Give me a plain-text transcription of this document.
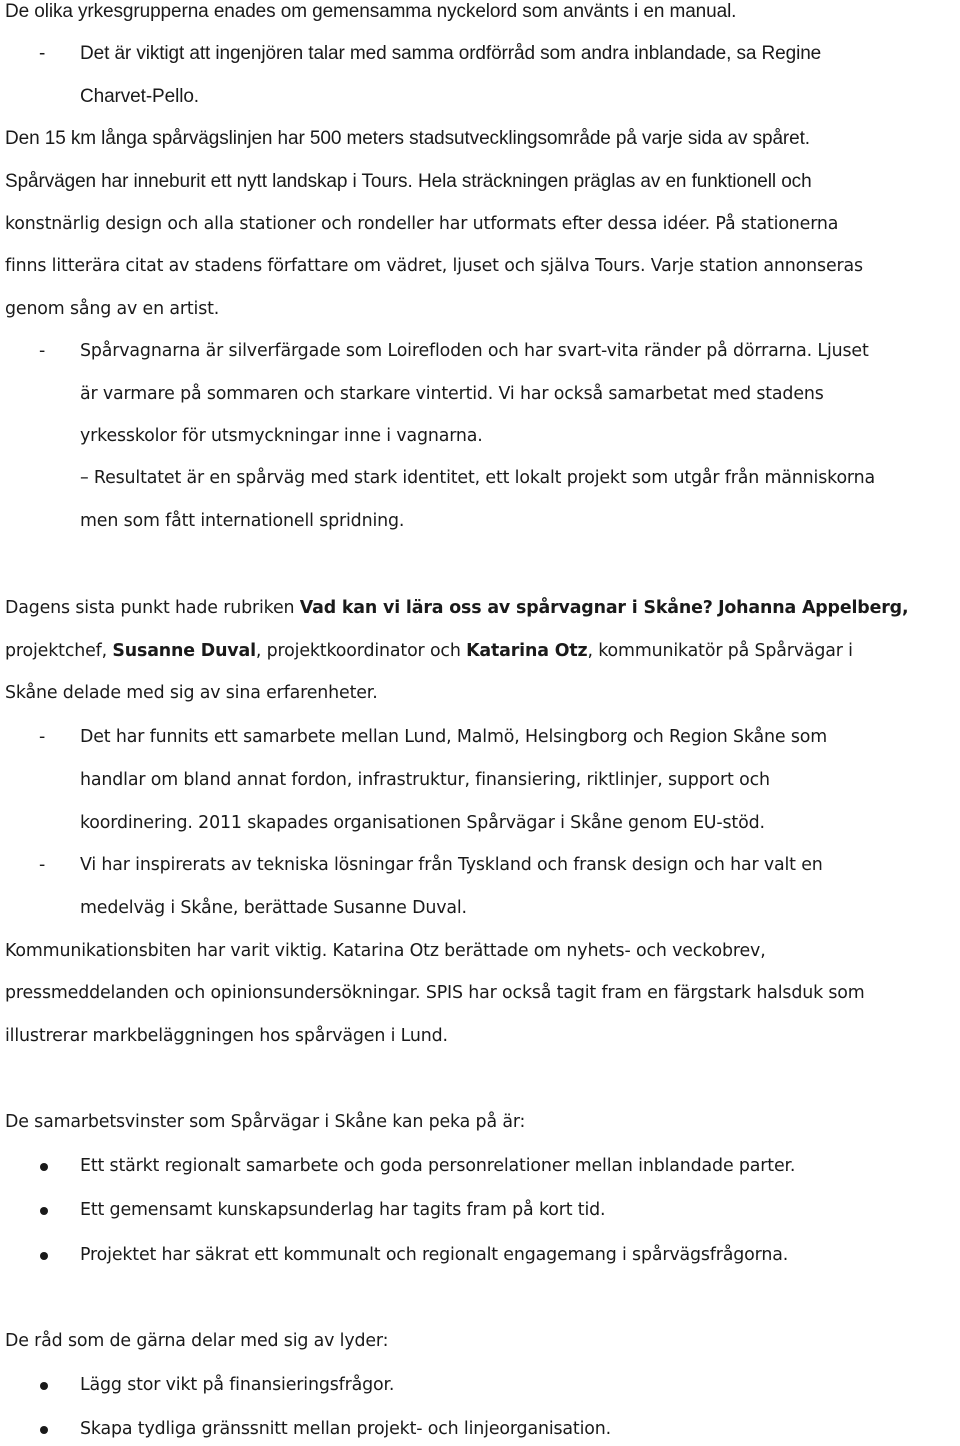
De olika yrkesgrupperna enades om gemensamma nyckelord som använts i en manual.
- Det är viktigt att ingenjören talar med samma ordförråd som andra inblandade, sa Regine
Charvet-Pello.
Den 15 km långa spårvägslinjen har 500 meters stadsutvecklingsområde på varje sida av spåret.
Spårvägen har inneburit ett nytt landskap i Tours. Hela sträckningen präglas av en funktionell och
konstnärlig design och alla stationer och rondeller har utformats efter dessa idéer. På stationerna
finns litterära citat av stadens författare om vädret, ljuset och själva Tours. Varje station annonseras
genom sång av en artist.
- Spårvagnarna är silverfärgade som Loirefloden och har svart-vita ränder på dörrarna. Ljuset
är varmare på sommaren och starkare vintertid. Vi har också samarbetat med stadens
yrkesskolor för utsmyckningar inne i vagnarna.
– Resultatet är en spårväg med stark identitet, ett lokalt projekt som utgår från människorna
men som fått internationell spridning.
Dagens sista punkt hade rubriken Vad kan vi lära oss av spårvagnar i Skåne? Johanna Appelberg,
projektchef, Susanne Duval, projektkoordinator och Katarina Otz, kommunikatör på Spårvägar i
Skåne delade med sig av sina erfarenheter.
- Det har funnits ett samarbete mellan Lund, Malmö, Helsingborg och Region Skåne som
handlar om bland annat fordon, infrastruktur, finansiering, riktlinjer, support och
koordinering. 2011 skapades organisationen Spårvägar i Skåne genom EU-stöd.
- Vi har inspirerats av tekniska lösningar från Tyskland och fransk design och har valt en
medelväg i Skåne, berättade Susanne Duval.
Kommunikationsbiten har varit viktig. Katarina Otz berättade om nyhets- och veckobrev,
pressmeddelanden och opinionsundersökningar. SPIS har också tagit fram en färgstark halsduk som
illustrerar markbeläggningen hos spårvägen i Lund.
De samarbetsvinster som Spårvägar i Skåne kan peka på är:
Ett stärkt regionalt samarbete och goda personrelationer mellan inblandade parter.
Ett gemensamt kunskapsunderlag har tagits fram på kort tid.
Projektet har säkrat ett kommunalt och regionalt engagemang i spårvägsfrågorna.
De råd som de gärna delar med sig av lyder:
Lägg stor vikt på finansieringsfrågor.
Skapa tydliga gränssnitt mellan projekt- och linjeorganisation.
